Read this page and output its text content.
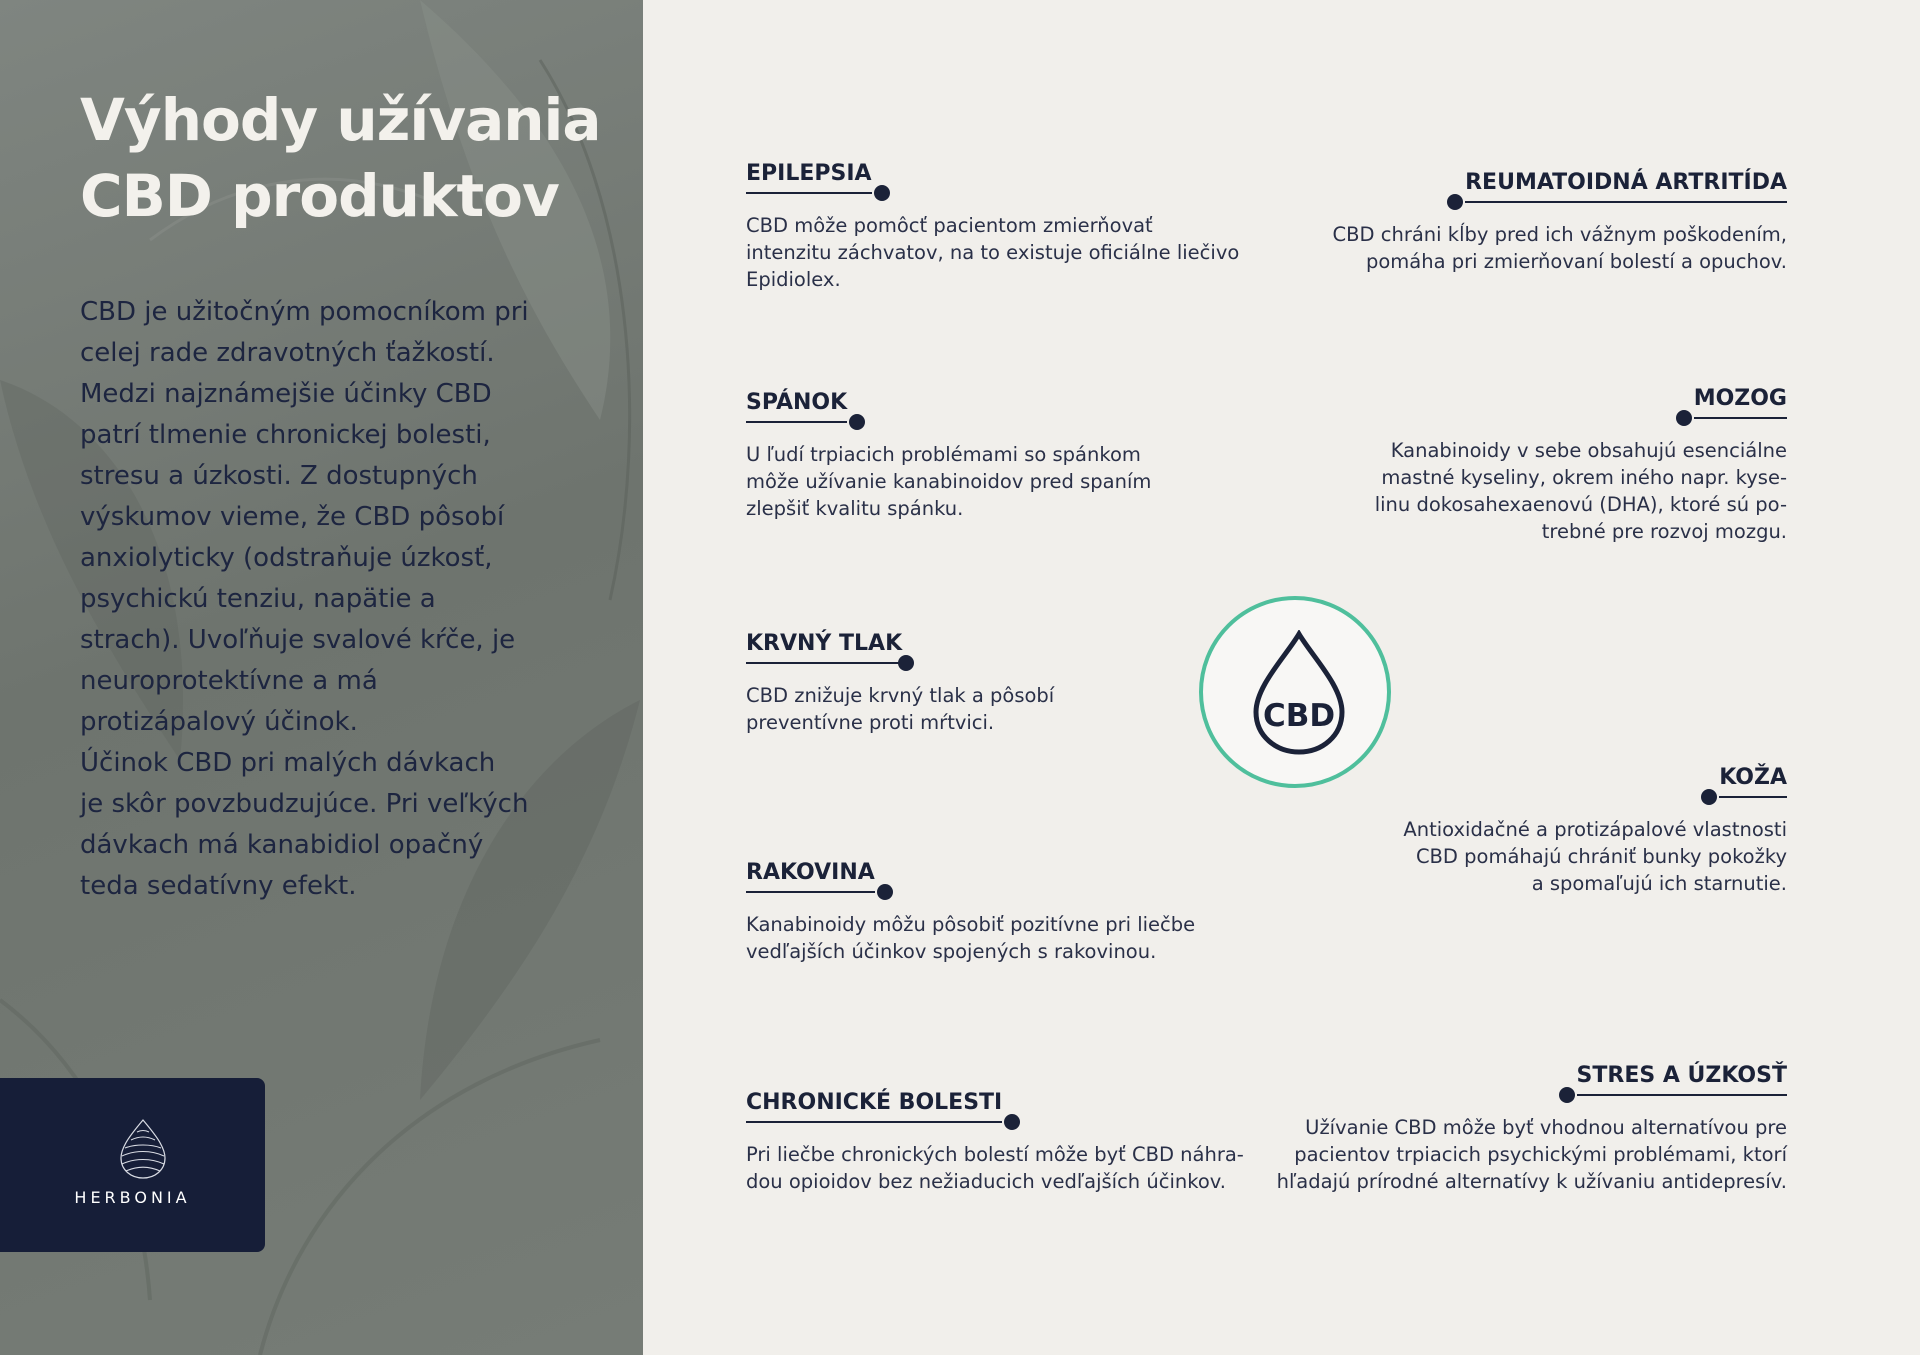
Výhody užívania
CBD produktov

CBD je užitočným pomocníkom pri
celej rade zdravotných ťažkostí.
Medzi najznámejšie účinky CBD
patrí tlmenie chronickej bolesti,
stresu a úzkosti. Z dostupných
výskumov vieme, že CBD pôsobí
anxiolyticky (odstraňuje úzkosť,
psychickú tenziu, napätie a
strach). Uvoľňuje svalové kŕče, je
neuroprotektívne a má
protizápalový účinok.
Účinok CBD pri malých dávkach
je skôr povzbudzujúce. Pri veľkých
dávkach má kanabidiol opačný
teda sedatívny efekt.

HERBONIA
EPILEPSIA

CBD môže pomôcť pacientom zmierňovať
intenzitu záchvatov, na to existuje oficiálne liečivo
Epidiolex.

SPÁNOK

U ľudí trpiacich problémami so spánkom
môže užívanie kanabinoidov pred spaním
zlepšiť kvalitu spánku.

KRVNÝ TLAK

CBD znižuje krvný tlak a pôsobí
preventívne proti mŕtvici.

RAKOVINA

Kanabinoidy môžu pôsobiť pozitívne pri liečbe
vedľajších účinkov spojených s rakovinou.

CHRONICKÉ BOLESTI

Pri liečbe chronických bolestí môže byť CBD náhra-
dou opioidov bez nežiaducich vedľajších účinkov.

REUMATOIDNÁ ARTRITÍDA

CBD chráni kĺby pred ich vážnym poškodením,
pomáha pri zmierňovaní bolestí a opuchov.

MOZOG

Kanabinoidy v sebe obsahujú esenciálne
mastné kyseliny, okrem iného napr. kyse-
linu dokosahexaenovú (DHA), ktoré sú po-
trebné pre rozvoj mozgu.

KOŽA

Antioxidačné a protizápalové vlastnosti
CBD pomáhajú chrániť bunky pokožky
a spomaľujú ich starnutie.

STRES A ÚZKOSŤ

Užívanie CBD môže byť vhodnou alternatívou pre
pacientov trpiacich psychickými problémami, ktorí
hľadajú prírodné alternatívy k užívaniu antidepresív.

CBD
